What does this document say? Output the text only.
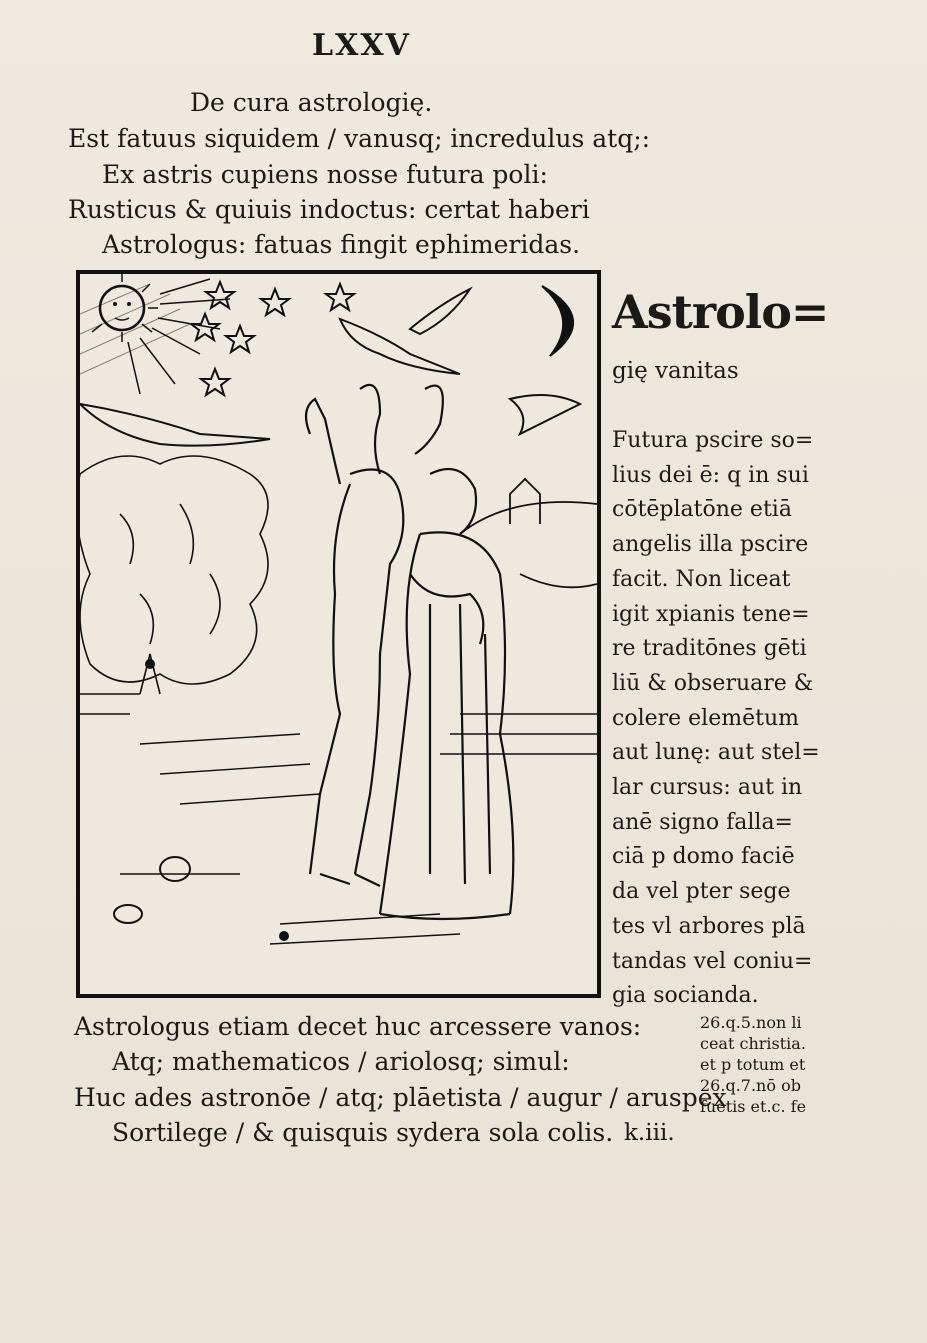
LXXV
De cura astrologię.
Est fatuus siquidem / vanusq; incredulus atq;:
Ex astris cupiens nosse futura poli:
Rusticus & quiuis indoctus: certat haberi
Astrologus: fatuas fingit ephimeridas.
Astrolo=
gię vanitas
Futura pscire so=
lius dei ē: q in sui
cōtēplatōne etiā
angelis illa pscire
facit. Non liceat
igit xpianis tene=
re traditōnes gēti
liū & obseruare &
colere elemētum
aut lunę: aut stel=
lar cursus: aut in
anē signo falla=
ciā p domo faciē
da vel pter sege
tes vl arbores plā
tandas vel coniu=
gia socianda.
Astrologus etiam decet huc arcessere vanos:
Atq; mathematicos / ariolosq; simul:
Huc ades astronōe / atq; plāetista / augur / aruspex
Sortilege / & quisquis sydera sola colis. k.iii.
26.q.5.non li
ceat christia.
et p totum et
26.q.7.nō ob
fuetis et.c. fe
